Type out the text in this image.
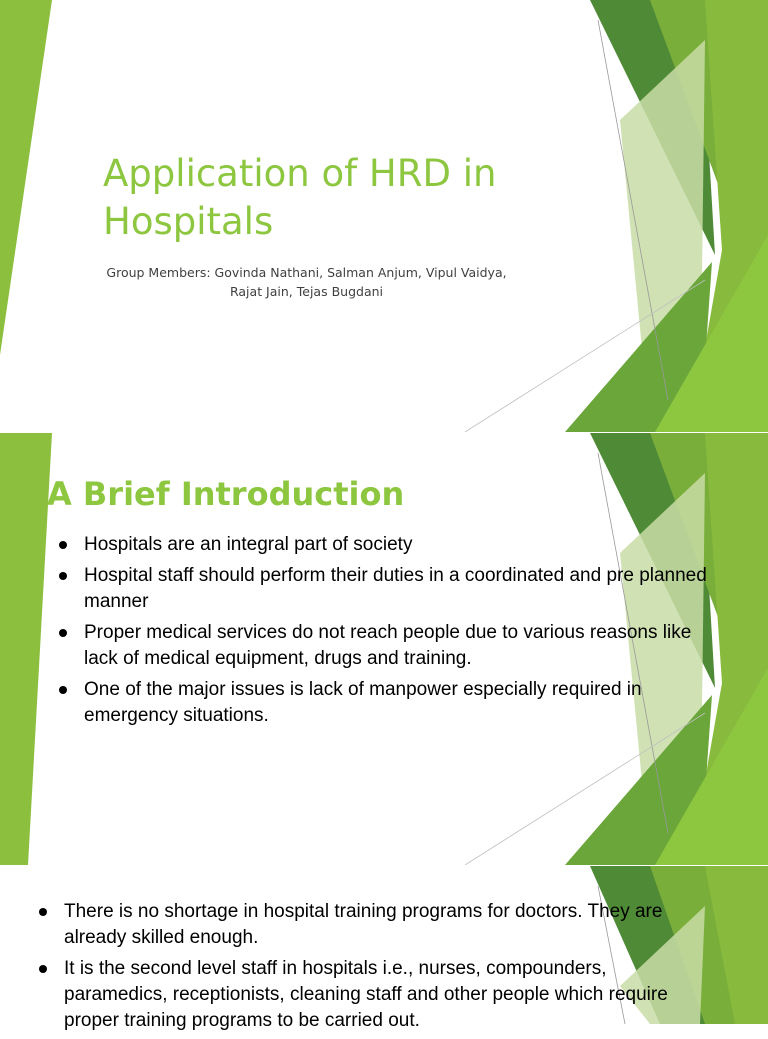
Application of HRD in Hospitals

Group Members: Govinda Nathani, Salman Anjum, Vipul Vaidya, Rajat Jain, Tejas Bugdani

A Brief Introduction
Hospitals are an integral part of society
Hospital staff should perform their duties in a coordinated and pre planned manner
Proper medical services do not reach people due to various reasons like lack of medical equipment, drugs and training.
One of the major issues is lack of manpower especially required in emergency situations.
There is no shortage in hospital training programs for doctors. They are already skilled enough.
It is the second level staff in hospitals i.e., nurses, compounders, paramedics, receptionists, cleaning staff and other people which require proper training programs to be carried out.
